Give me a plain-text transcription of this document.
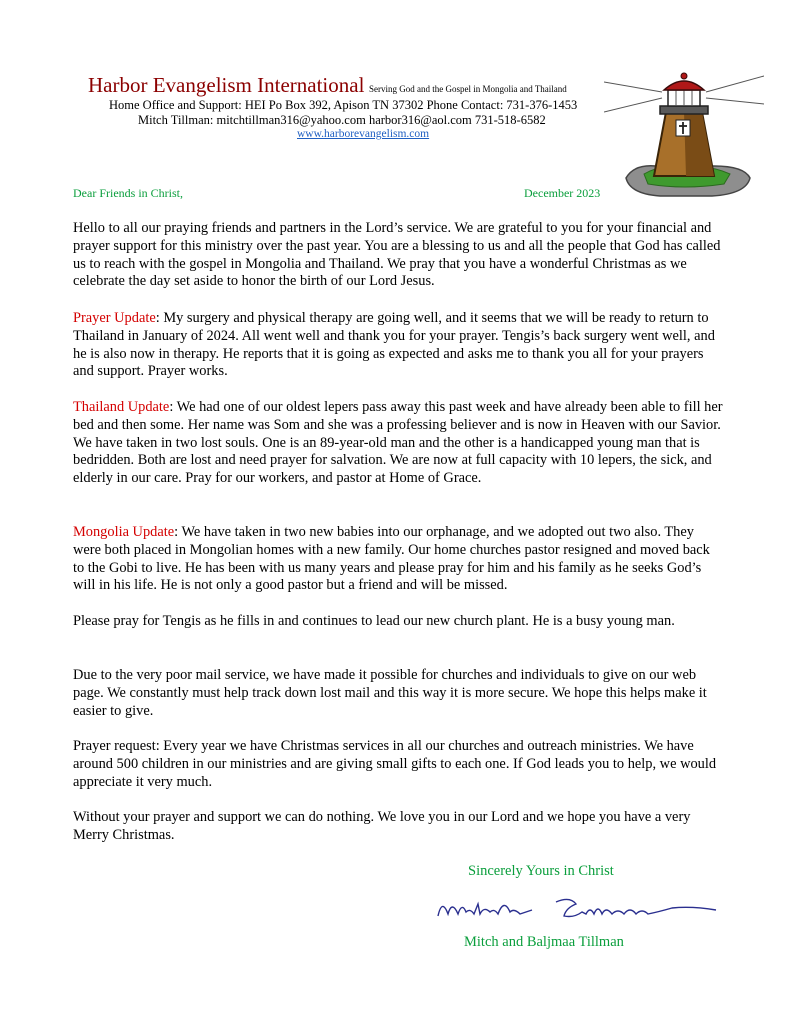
Harbor Evangelism International Serving God and the Gospel in Mongolia and Thailand
Home Office and Support: HEI Po Box 392, Apison TN 37302 Phone Contact: 731-376-1453
Mitch Tillman: mitchtillman316@yahoo.com harbor316@aol.com 731-518-6582
www.harborevangelism.com
Dear Friends in Christ,	December 2023

Hello to all our praying friends and partners in the Lord’s service. We are grateful to you for your financial and prayer support for this ministry over the past year. You are a blessing to us and all the people that God has called us to reach with the gospel in Mongolia and Thailand. We pray that you have a wonderful Christmas as we celebrate the day set aside to honor the birth of our Lord Jesus.

Prayer Update: My surgery and physical therapy are going well, and it seems that we will be ready to return to Thailand in January of 2024. All went well and thank you for your prayer. Tengis’s back surgery went well, and he is also now in therapy. He reports that it is going as expected and asks me to thank you all for your prayers and support. Prayer works.

Thailand Update: We had one of our oldest lepers pass away this past week and have already been able to fill her bed and then some. Her name was Som and she was a professing believer and is now in Heaven with our Savior. We have taken in two lost souls. One is an 89-year-old man and the other is a handicapped young man that is bedridden. Both are lost and need prayer for salvation. We are now at full capacity with 10 lepers, the sick, and elderly in our care. Pray for our workers, and pastor at Home of Grace.

Mongolia Update: We have taken in two new babies into our orphanage, and we adopted out two also. They were both placed in Mongolian homes with a new family. Our home churches pastor resigned and moved back to the Gobi to live. He has been with us many years and please pray for him and his family as he seeks God’s will in his life. He is not only a good pastor but a friend and will be missed.

Please pray for Tengis as he fills in and continues to lead our new church plant. He is a busy young man.

Due to the very poor mail service, we have made it possible for churches and individuals to give on our web page. We constantly must help track down lost mail and this way it is more secure. We hope this helps make it easier to give.

Prayer request: Every year we have Christmas services in all our churches and outreach ministries. We have around 500 children in our ministries and are giving small gifts to each one. If God leads you to help, we would appreciate it very much.

Without your prayer and support we can do nothing. We love you in our Lord and we hope you have a very Merry Christmas.

Sincerely Yours in Christ
Mitch and Baljmaa Tillman
